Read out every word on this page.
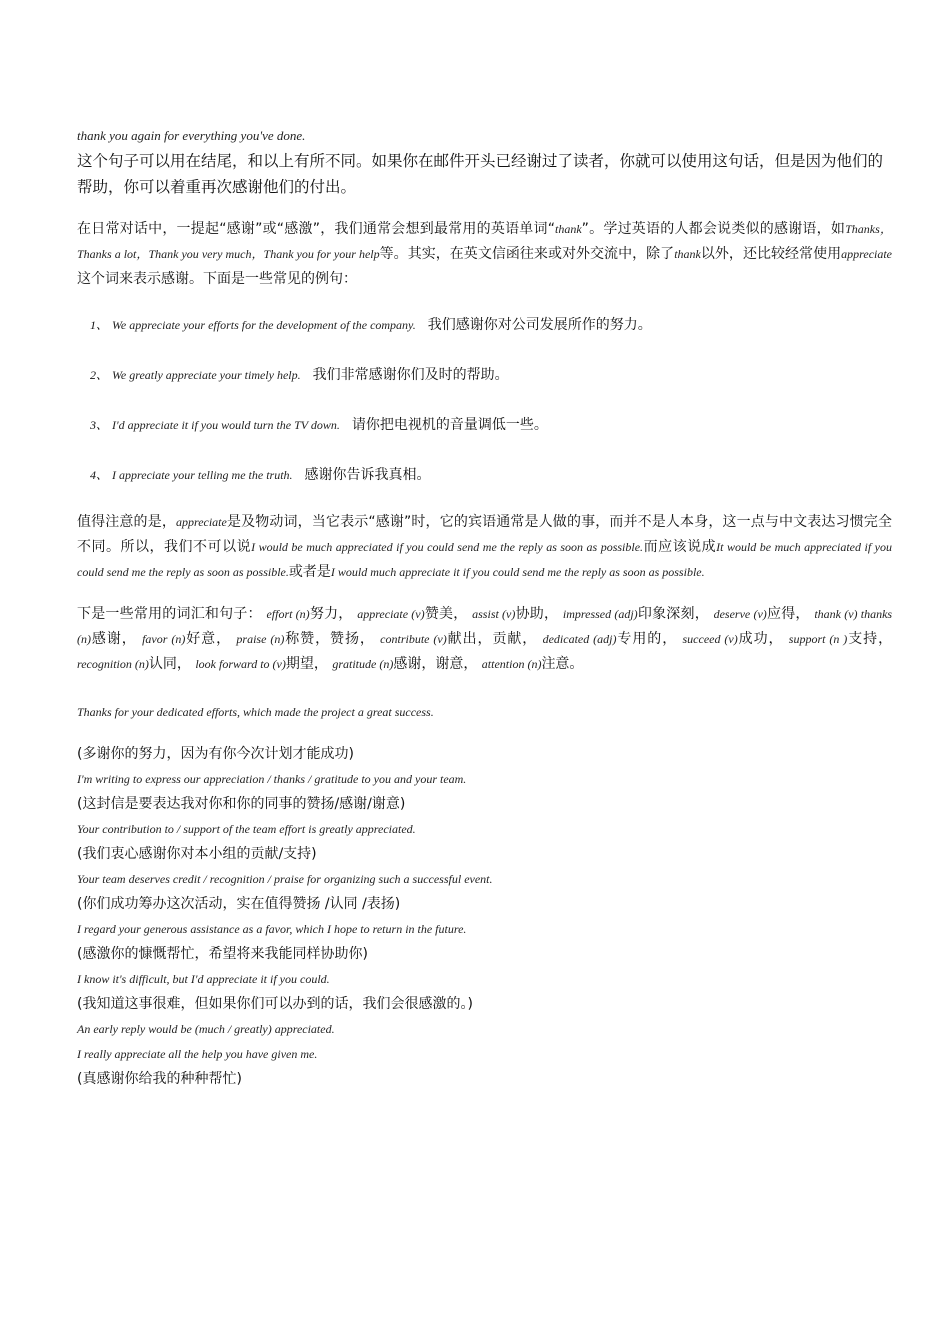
thank you again for everything you've done.

这个句子可以用在结尾，和以上有所不同。如果你在邮件开头已经谢过了读者，你就可以使用这句话，但是因为他们的帮助，你可以着重再次感谢他们的付出。

在日常对话中，一提起“感谢”或“感激”，我们通常会想到最常用的英语单词“thank”。学过英语的人都会说类似的感谢语，如Thanks，Thanks a lot，Thank you very much，Thank you for your help等。其实，在英文信函往来或对外交流中，除了thank以外，还比较经常使用appreciate这个词来表示感谢。下面是一些常见的例句：

1、 We appreciate your efforts for the development of the company. 我们感谢你对公司发展所作的努力。
2、 We greatly appreciate your timely help. 我们非常感谢你们及时的帮助。
3、 I'd appreciate it if you would turn the TV down. 请你把电视机的音量调低一些。
4、 I appreciate your telling me the truth. 感谢你告诉我真相。

值得注意的是，appreciate是及物动词，当它表示“感谢”时，它的宾语通常是人做的事，而并不是人本身，这一点与中文表达习惯完全不同。所以，我们不可以说I would be much appreciated if you could send me the reply as soon as possible.而应该说成It would be much appreciated if you could send me the reply as soon as possible.或者是I would much appreciate it if you could send me the reply as soon as possible.

下是一些常用的词汇和句子： effort (n)努力， appreciate (v)赞美， assist (v)协助， impressed (adj)印象深刻， deserve (v)应得， thank (v) thanks (n)感谢， favor (n)好意， praise (n)称赞，赞扬， contribute (v)献出，贡献， dedicated (adj)专用的， succeed (v)成功， support (n )支持， recognition (n)认同， look forward to (v)期望， gratitude (n)感谢，谢意， attention (n)注意。

Thanks for your dedicated efforts, which made the project a great success.
(多谢你的努力，因为有你今次计划才能成功)
I'm writing to express our appreciation / thanks / gratitude to you and your team.
(这封信是要表达我对你和你的同事的赞扬/感谢/谢意)
Your contribution to / support of the team effort is greatly appreciated.
(我们衷心感谢你对本小组的贡献/支持)
Your team deserves credit / recognition / praise for organizing such a successful event.
(你们成功筹办这次活动，实在值得赞扬 /认同 /表扬)
I regard your generous assistance as a favor, which I hope to return in the future.
(感激你的慷慨帮忙，希望将来我能同样协助你)
I know it's difficult, but I'd appreciate it if you could.
(我知道这事很难，但如果你们可以办到的话，我们会很感激的。)
An early reply would be (much / greatly) appreciated.
I really appreciate all the help you have given me.
(真感谢你给我的种种帮忙)
